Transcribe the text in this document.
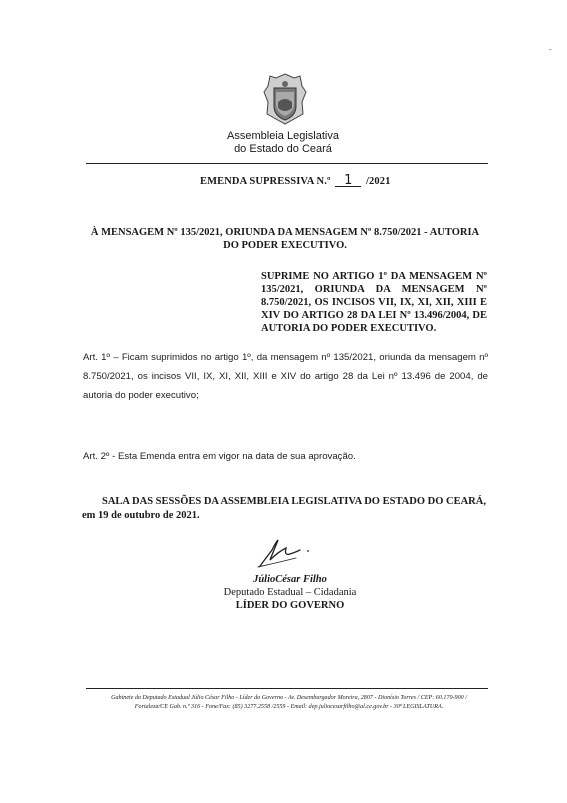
Assembleia Legislativa
do Estado do Ceará
EMENDA SUPRESSIVA N.º 1 /2021
À MENSAGEM Nº 135/2021, ORIUNDA DA MENSAGEM Nº 8.750/2021 - AUTORIA DO PODER EXECUTIVO.
SUPRIME NO ARTIGO 1º DA MENSAGEM Nº 135/2021, ORIUNDA DA MENSAGEM Nº 8.750/2021, OS INCISOS VII, IX, XI, XII, XIII E XIV DO ARTIGO 28 DA LEI Nº 13.496/2004, DE AUTORIA DO PODER EXECUTIVO.
Art. 1º – Ficam suprimidos no artigo 1º, da mensagem nº 135/2021, oriunda da mensagem nº 8.750/2021, os incisos VII, IX, XI, XII, XIII e XIV do artigo 28 da Lei nº 13.496 de 2004, de autoria do poder executivo;
Art. 2º - Esta Emenda entra em vigor na data de sua aprovação.
SALA DAS SESSÕES DA ASSEMBLEIA LEGISLATIVA DO ESTADO DO CEARÁ, em 19 de outubro de 2021.
JúlioCésar Filho
Deputado Estadual – Cidadania
LÍDER DO GOVERNO
Gabinete do Deputado Estadual Júlio César Filho - Líder do Governo - Av. Desembargador Moreira, 2807 - Dionísio Torres / CEP: 60.170-900 /
Fortaleza/CE Gab. n.º 316 - Fone/Fax: (85) 3277.2558 /2559 - Email: dep.juliocesarfilho@al.ce.gov.br - 30ª LEGISLATURA.
-
